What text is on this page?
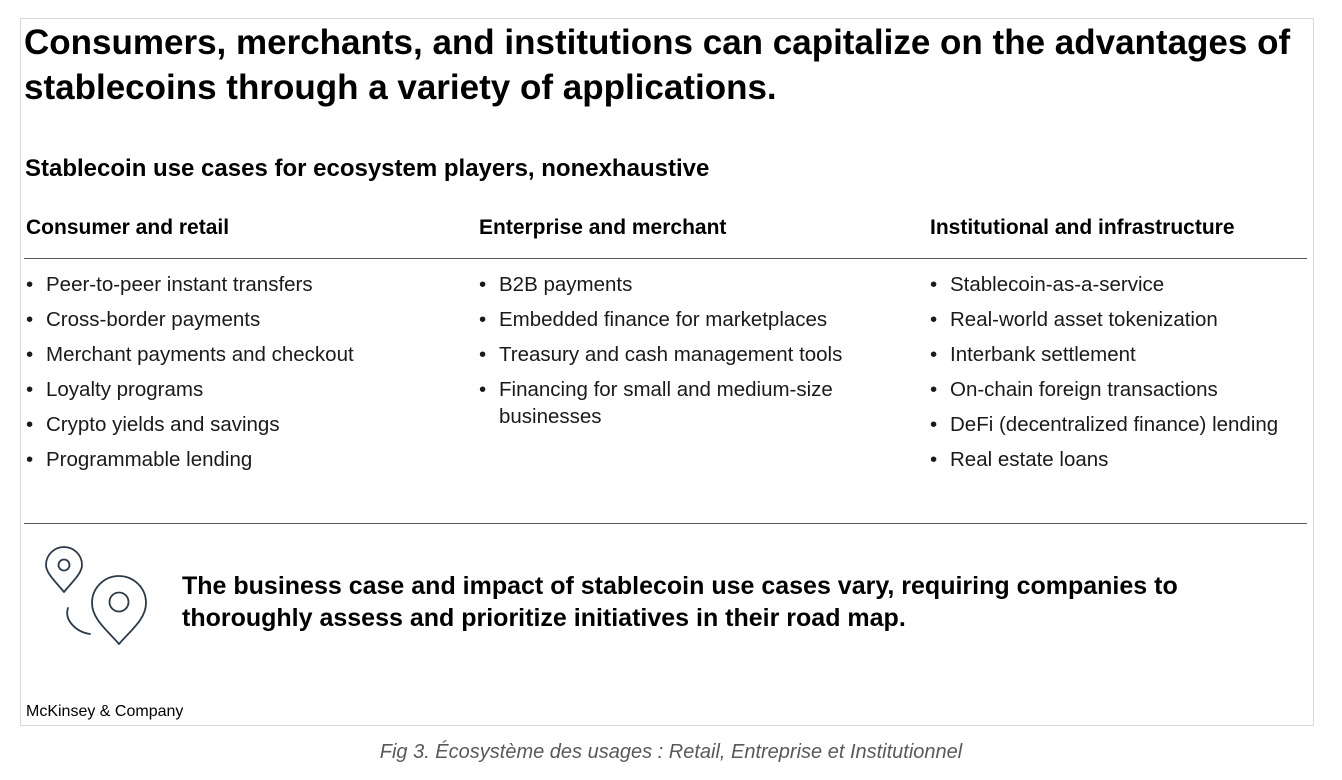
Consumers, merchants, and institutions can capitalize on the advantages of stablecoins through a variety of applications.
Stablecoin use cases for ecosystem players, nonexhaustive
Consumer and retail	Enterprise and merchant	Institutional and infrastructure
• Peer-to-peer instant transfers
• Cross-border payments
• Merchant payments and checkout
• Loyalty programs
• Crypto yields and savings
• Programmable lending
• B2B payments
• Embedded finance for marketplaces
• Treasury and cash management tools
• Financing for small and medium-size businesses
• Stablecoin-as-a-service
• Real-world asset tokenization
• Interbank settlement
• On-chain foreign transactions
• DeFi (decentralized finance) lending
• Real estate loans

The business case and impact of stablecoin use cases vary, requiring companies to thoroughly assess and prioritize initiatives in their road map.

McKinsey & Company

Fig 3. Écosystème des usages : Retail, Entreprise et Institutionnel
